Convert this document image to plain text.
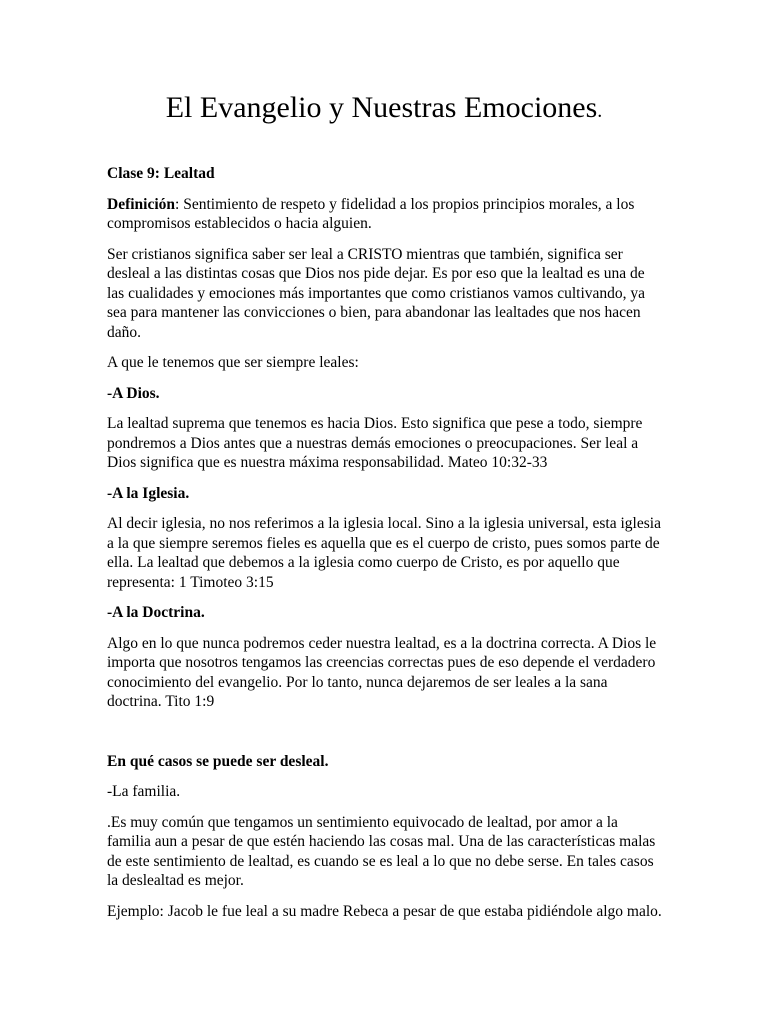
El Evangelio y Nuestras Emociones.

Clase 9: Lealtad

Definición: Sentimiento de respeto y fidelidad a los propios principios morales, a los compromisos establecidos o hacia alguien.

Ser cristianos significa saber ser leal a CRISTO mientras que también, significa ser desleal a las distintas cosas que Dios nos pide dejar. Es por eso que la lealtad es una de las cualidades y emociones más importantes que como cristianos vamos cultivando, ya sea para mantener las convicciones o bien, para abandonar las lealtades que nos hacen daño.

A que le tenemos que ser siempre leales:

-A Dios.

La lealtad suprema que tenemos es hacia Dios. Esto significa que pese a todo, siempre pondremos a Dios antes que a nuestras demás emociones o preocupaciones. Ser leal a Dios significa que es nuestra máxima responsabilidad. Mateo 10:32-33

-A la Iglesia.

Al decir iglesia, no nos referimos a la iglesia local. Sino a la iglesia universal, esta iglesia a la que siempre seremos fieles es aquella que es el cuerpo de cristo, pues somos parte de ella. La lealtad que debemos a la iglesia como cuerpo de Cristo, es por aquello que representa: 1 Timoteo 3:15

-A la Doctrina.

Algo en lo que nunca podremos ceder nuestra lealtad, es a la doctrina correcta. A Dios le importa que nosotros tengamos las creencias correctas pues de eso depende el verdadero conocimiento del evangelio. Por lo tanto, nunca dejaremos de ser leales a la sana doctrina. Tito 1:9

En qué casos se puede ser desleal.

-La familia.

.Es muy común que tengamos un sentimiento equivocado de lealtad, por amor a la familia aun a pesar de que estén haciendo las cosas mal. Una de las características malas de este sentimiento de lealtad, es cuando se es leal a lo que no debe serse. En tales casos la deslealtad es mejor.

Ejemplo: Jacob le fue leal a su madre Rebeca a pesar de que estaba pidiéndole algo malo.
